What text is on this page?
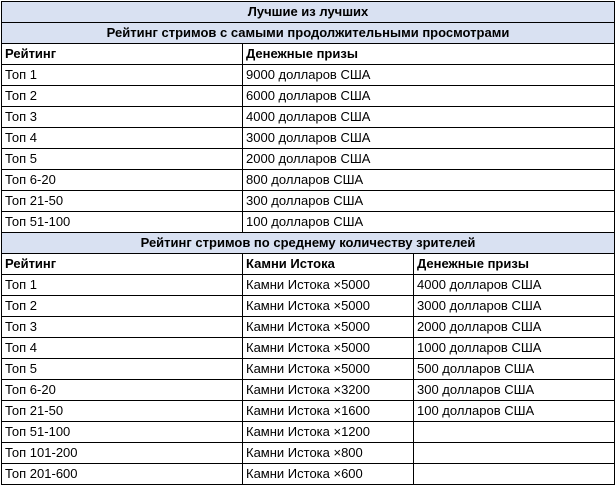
Лучшие из лучших		
Рейтинг стримов с самыми продолжительными просмотрами		
Рейтинг	Денежные призы	
Топ 1	9000 долларов США	
Топ 2	6000 долларов США	
Топ 3	4000 долларов США	
Топ 4	3000 долларов США	
Топ 5	2000 долларов США	
Топ 6-20	800 долларов США	
Топ 21-50	300 долларов США	
Топ 51-100	100 долларов США	
Рейтинг стримов по среднему количеству зрителей		
Рейтинг	Камни Истока	Денежные призы
Топ 1	Камни Истока ×5000	4000 долларов США
Топ 2	Камни Истока ×5000	3000 долларов США
Топ 3	Камни Истока ×5000	2000 долларов США
Топ 4	Камни Истока ×5000	1000 долларов США
Топ 5	Камни Истока ×5000	500 долларов США
Топ 6-20	Камни Истока ×3200	300 долларов США
Топ 21-50	Камни Истока ×1600	100 долларов США
Топ 51-100	Камни Истока ×1200	
Топ 101-200	Камни Истока ×800	
Топ 201-600	Камни Истока ×600	
